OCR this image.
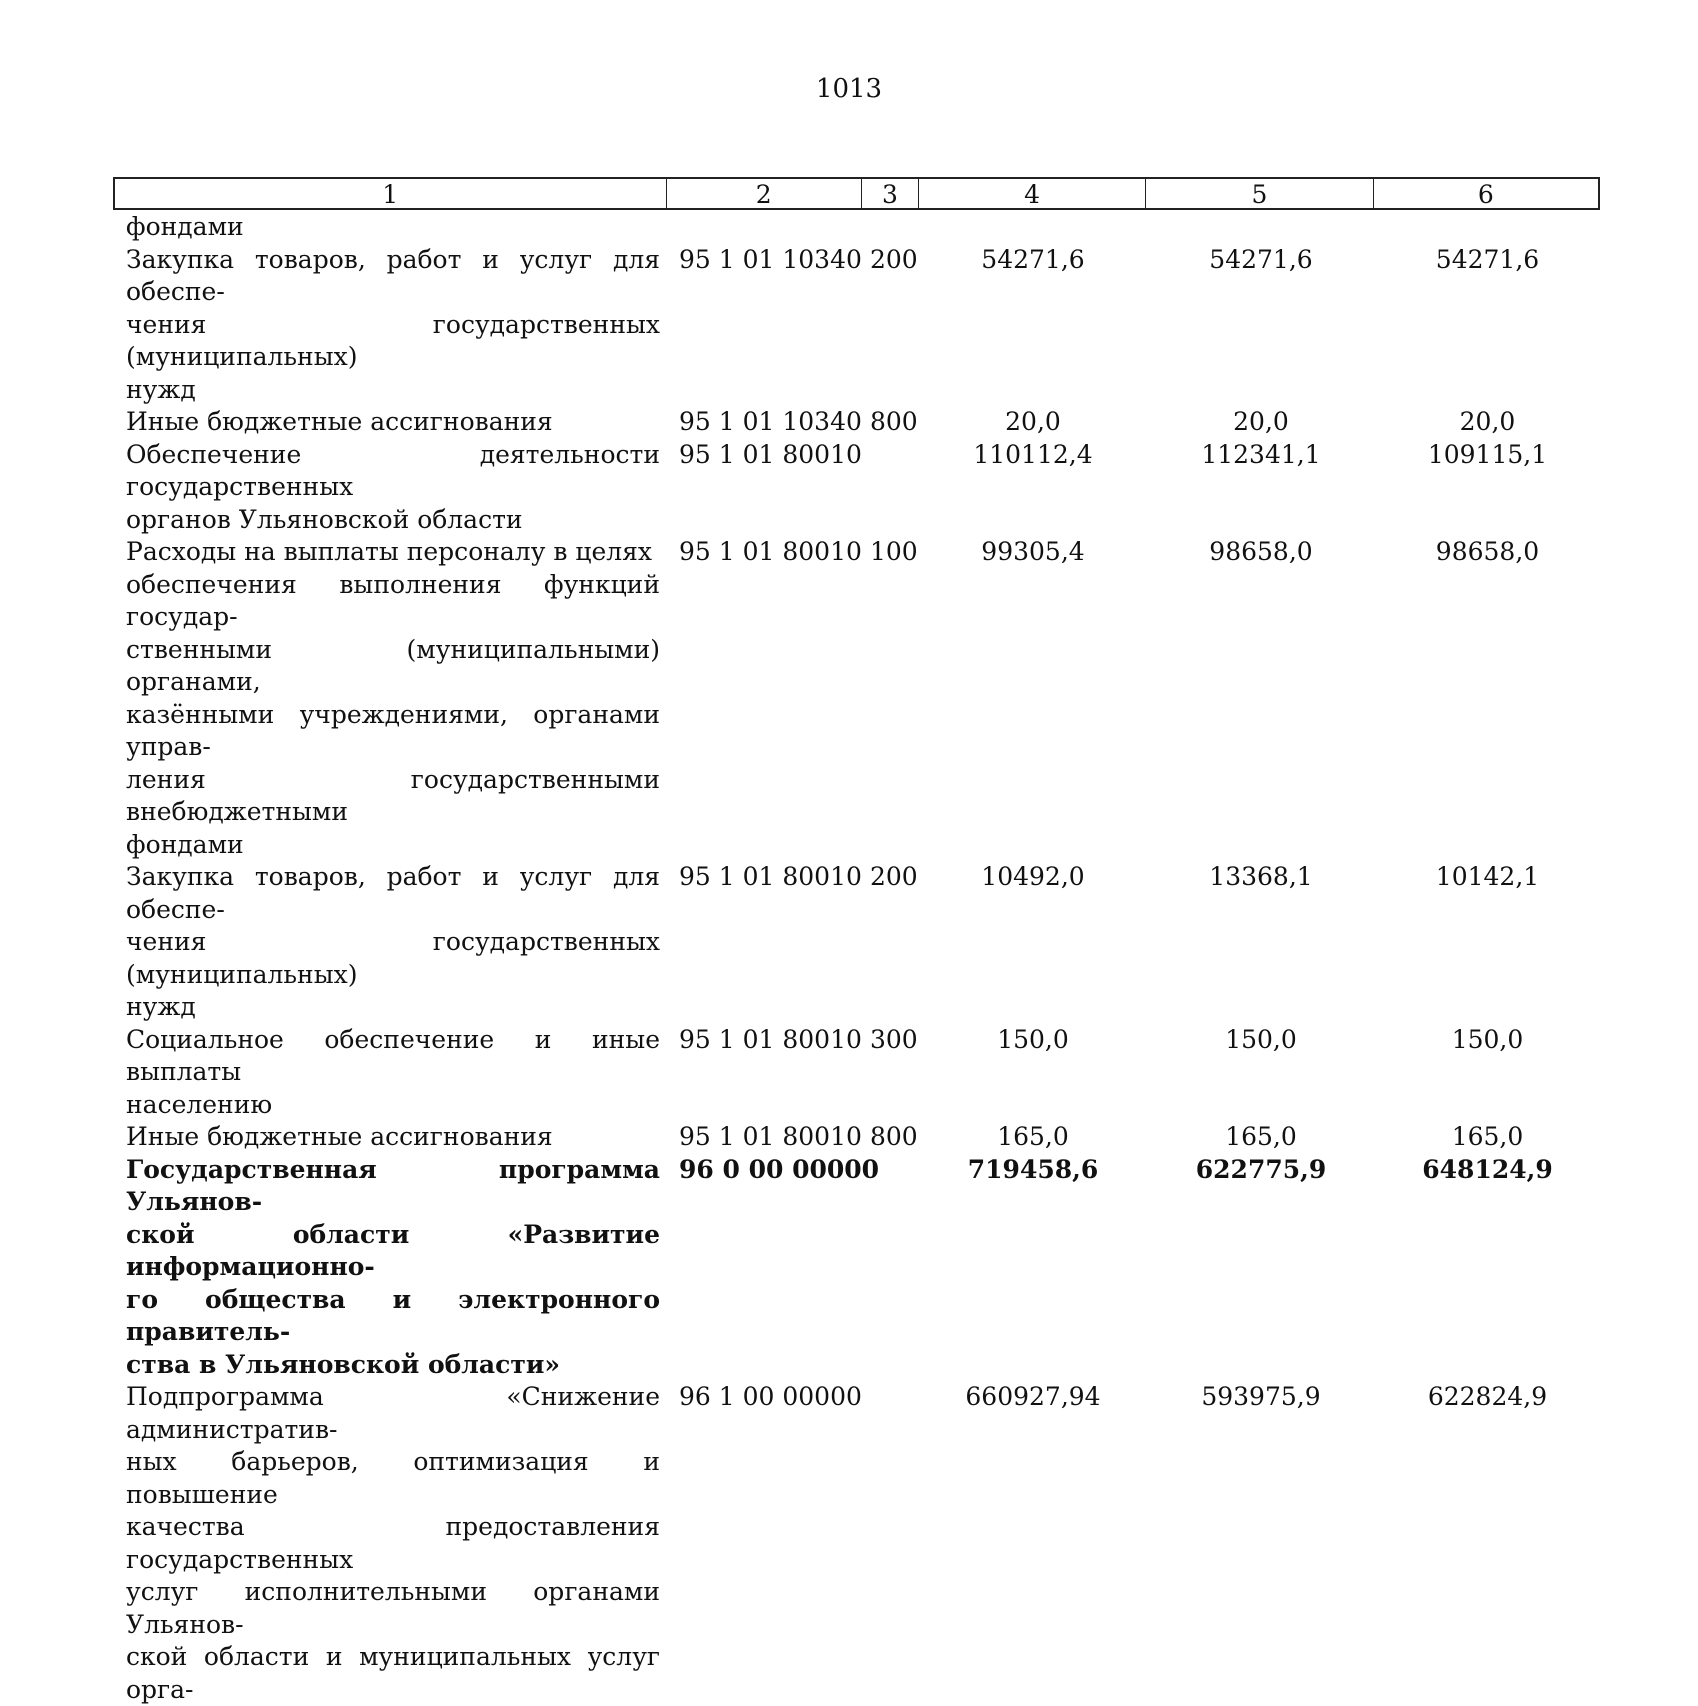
1013
1	2	3	4	5	6
фондами
Закупка товаров, работ и услуг для обеспе-
чения государственных (муниципальных)
нужд
95 1 01 10340 200	54271,6	54271,6	54271,6
Иные бюджетные ассигнования	95 1 01 10340 800	20,0	20,0	20,0
Обеспечение деятельности государственных
органов Ульяновской области
95 1 01 80010	110112,4	112341,1	109115,1
Расходы на выплаты персоналу в целях
обеспечения выполнения функций государ-
ственными (муниципальными) органами,
казёнными учреждениями, органами управ-
ления государственными внебюджетными
фондами
95 1 01 80010 100	99305,4	98658,0	98658,0
Закупка товаров, работ и услуг для обеспе-
чения государственных (муниципальных)
нужд
95 1 01 80010 200	10492,0	13368,1	10142,1
Социальное обеспечение и иные выплаты
населению
95 1 01 80010 300	150,0	150,0	150,0
Иные бюджетные ассигнования	95 1 01 80010 800	165,0	165,0	165,0
Государственная программа Ульянов-
ской области «Развитие информационно-
го общества и электронного правитель-
ства в Ульяновской области»
96 0 00 00000	719458,6	622775,9	648124,9
Подпрограмма «Снижение административ-
ных барьеров, оптимизация и повышение
качества предоставления государственных
услуг исполнительными органами Ульянов-
ской области и муниципальных услуг орга-
96 1 00 00000	660927,94	593975,9	622824,9
